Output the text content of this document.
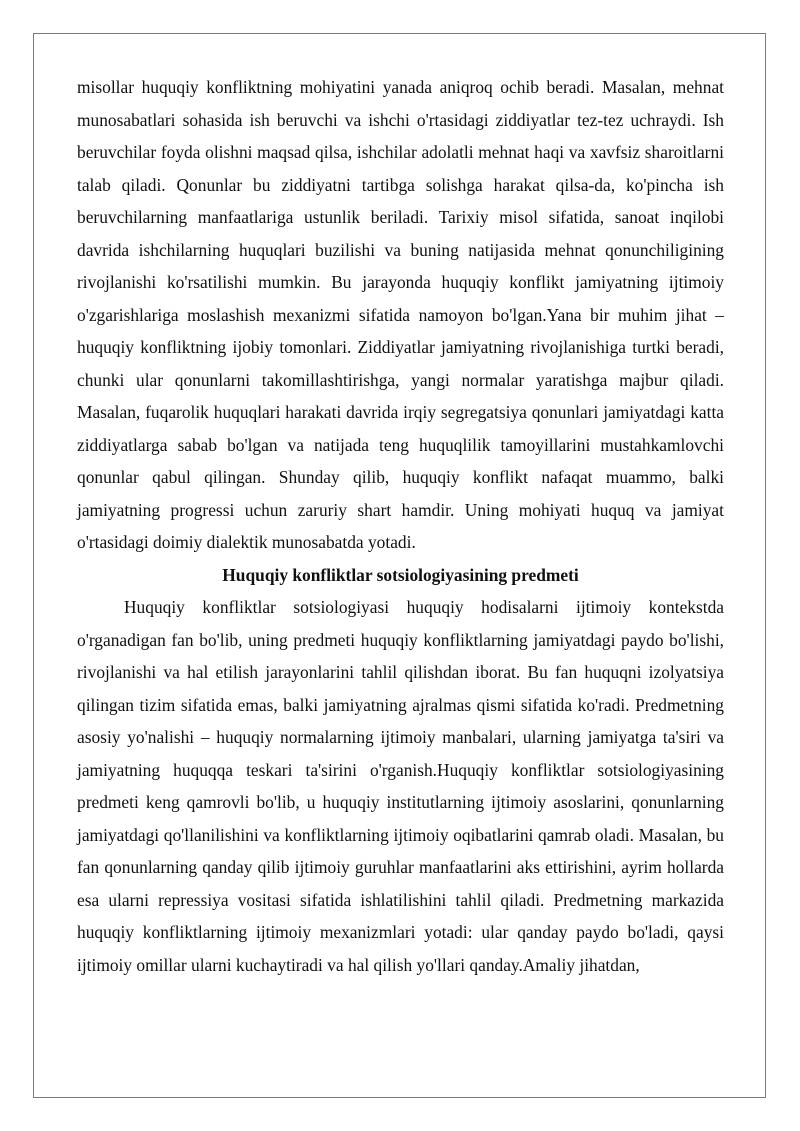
misollar huquqiy konfliktning mohiyatini yanada aniqroq ochib beradi. Masalan, mehnat munosabatlari sohasida ish beruvchi va ishchi o'rtasidagi ziddiyatlar tez-tez uchraydi. Ish beruvchilar foyda olishni maqsad qilsa, ishchilar adolatli mehnat haqi va xavfsiz sharoitlarni talab qiladi. Qonunlar bu ziddiyatni tartibga solishga harakat qilsa-da, ko'pincha ish beruvchilarning manfaatlariga ustunlik beriladi. Tarixiy misol sifatida, sanoat inqilobi davrida ishchilarning huquqlari buzilishi va buning natijasida mehnat qonunchiligining rivojlanishi ko'rsatilishi mumkin. Bu jarayonda huquqiy konflikt jamiyatning ijtimoiy o'zgarishlariga moslashish mexanizmi sifatida namoyon bo'lgan.Yana bir muhim jihat – huquqiy konfliktning ijobiy tomonlari. Ziddiyatlar jamiyatning rivojlanishiga turtki beradi, chunki ular qonunlarni takomillashtirishga, yangi normalar yaratishga majbur qiladi. Masalan, fuqarolik huquqlari harakati davrida irqiy segregatsiya qonunlari jamiyatdagi katta ziddiyatlarga sabab bo'lgan va natijada teng huquqlilik tamoyillarini mustahkamlovchi qonunlar qabul qilingan. Shunday qilib, huquqiy konflikt nafaqat muammo, balki jamiyatning progressi uchun zaruriy shart hamdir. Uning mohiyati huquq va jamiyat o'rtasidagi doimiy dialektik munosabatda yotadi.

Huquqiy konfliktlar sotsiologiyasining predmeti

Huquqiy konfliktlar sotsiologiyasi huquqiy hodisalarni ijtimoiy kontekstda o'rganadigan fan bo'lib, uning predmeti huquqiy konfliktlarning jamiyatdagi paydo bo'lishi, rivojlanishi va hal etilish jarayonlarini tahlil qilishdan iborat. Bu fan huquqni izolyatsiya qilingan tizim sifatida emas, balki jamiyatning ajralmas qismi sifatida ko'radi. Predmetning asosiy yo'nalishi – huquqiy normalarning ijtimoiy manbalari, ularning jamiyatga ta'siri va jamiyatning huquqqa teskari ta'sirini o'rganish.Huquqiy konfliktlar sotsiologiyasining predmeti keng qamrovli bo'lib, u huquqiy institutlarning ijtimoiy asoslarini, qonunlarning jamiyatdagi qo'llanilishini va konfliktlarning ijtimoiy oqibatlarini qamrab oladi. Masalan, bu fan qonunlarning qanday qilib ijtimoiy guruhlar manfaatlarini aks ettirishini, ayrim hollarda esa ularni repressiya vositasi sifatida ishlatilishini tahlil qiladi. Predmetning markazida huquqiy konfliktlarning ijtimoiy mexanizmlari yotadi: ular qanday paydo bo'ladi, qaysi ijtimoiy omillar ularni kuchaytiradi va hal qilish yo'llari qanday.Amaliy jihatdan,
